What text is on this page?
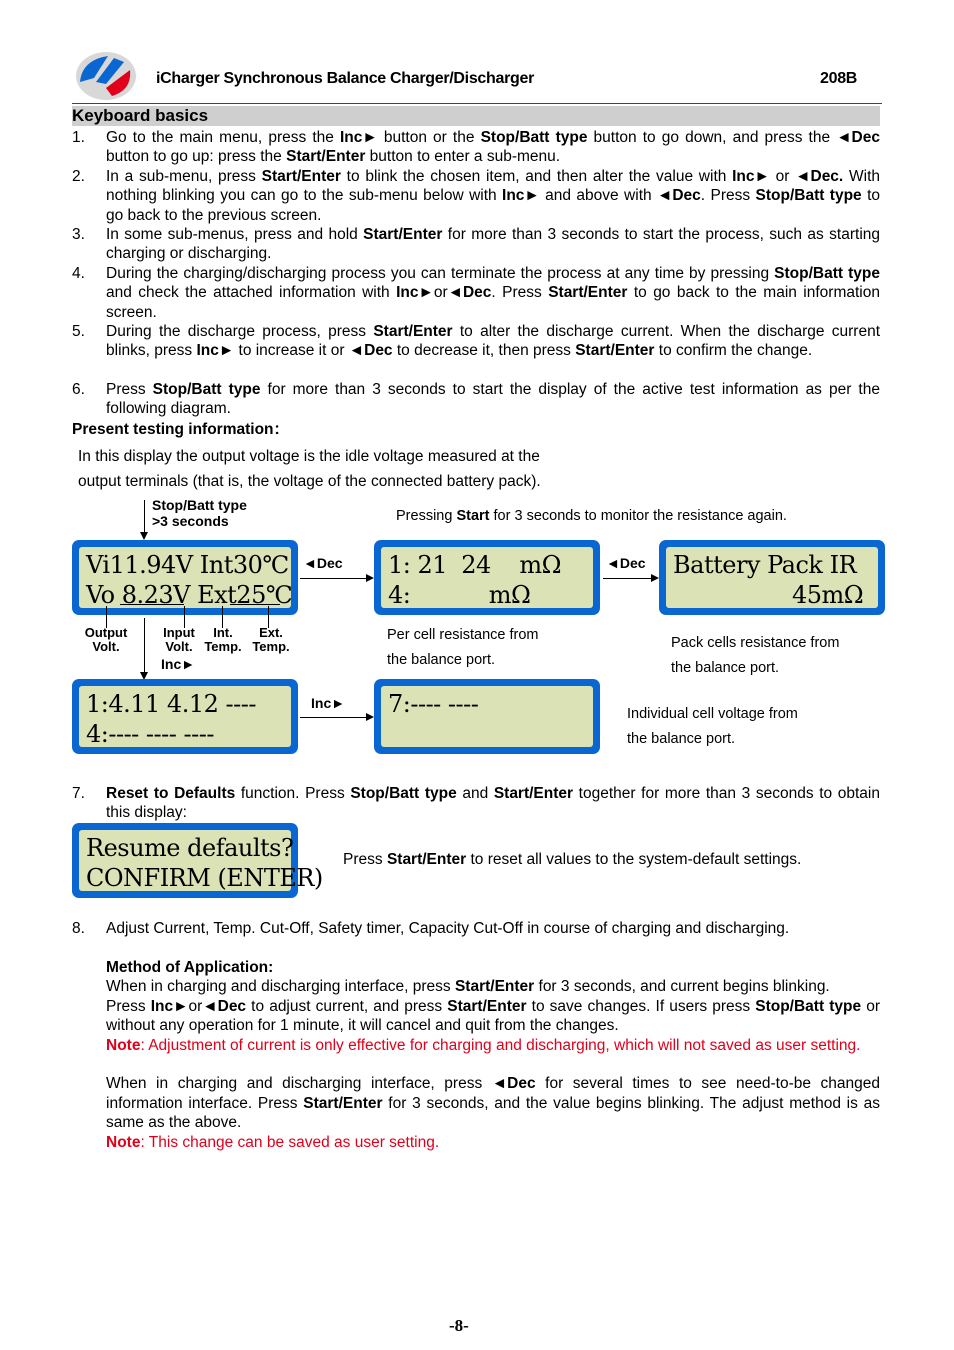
iCharger Synchronous Balance Charger/Discharger	208B
Keyboard basics
1.	Go to the main menu, press the Inc► button or the Stop/Batt type button to go down, and press the ◄Dec button to go up: press the Start/Enter button to enter a sub-menu.
2.	In a sub-menu, press Start/Enter to blink the chosen item, and then alter the value with Inc► or ◄Dec. With nothing blinking you can go to the sub-menu below with Inc► and above with ◄Dec. Press Stop/Batt type to go back to the previous screen.
3.	In some sub-menus, press and hold Start/Enter for more than 3 seconds to start the process, such as starting charging or discharging.
4.	During the charging/discharging process you can terminate the process at any time by pressing Stop/Batt type and check the attached information with Inc►or◄Dec. Press Start/Enter to go back to the main information screen.
5.	During the discharge process, press Start/Enter to alter the discharge current. When the discharge current blinks, press Inc► to increase it or ◄Dec to decrease it, then press Start/Enter to confirm the change.
6.	Press Stop/Batt type for more than 3 seconds to start the display of the active test information as per the following diagram.
Present testing information：
In this display the output voltage is the idle voltage measured at the
output terminals (that is, the voltage of the connected battery pack).
Stop/Batt type
>3 seconds	Pressing Start for 3 seconds to monitor the resistance again.
Vi11.94V Int30℃
Vo 8.23V Ext25℃
◄Dec 1: 21  24    mΩ
4:           mΩ
◄Dec Battery Pack IR
45mΩ
Output
Volt.
Input
Volt.
Int.
Temp.
Ext.
Temp.
Inc►
Per cell resistance from
the balance port.
Pack cells resistance from
the balance port.
1:4.11 4.12 ----
4:---- ---- ----
Inc► 7:---- ----	Individual cell voltage from
the balance port.
7.	Reset to Defaults function. Press Stop/Batt type and Start/Enter together for more than 3 seconds to obtain this display:
Resume defaults?
CONFIRM (ENTER)
Press Start/Enter to reset all values to the system-default settings.
8.	Adjust Current, Temp. Cut-Off, Safety timer, Capacity Cut-Off in course of charging and discharging.
Method of Application:
When in charging and discharging interface, press Start/Enter for 3 seconds, and current begins blinking.
Press Inc►or◄Dec to adjust current, and press Start/Enter to save changes. If users press Stop/Batt type or without any operation for 1 minute, it will cancel and quit from the changes.
Note: Adjustment of current is only effective for charging and discharging, which will not saved as user setting.
When in charging and discharging interface, press ◄Dec for several times to see need-to-be changed information interface. Press Start/Enter for 3 seconds, and the value begins blinking. The adjust method is as same as the above.
Note: This change can be saved as user setting.
-8-
